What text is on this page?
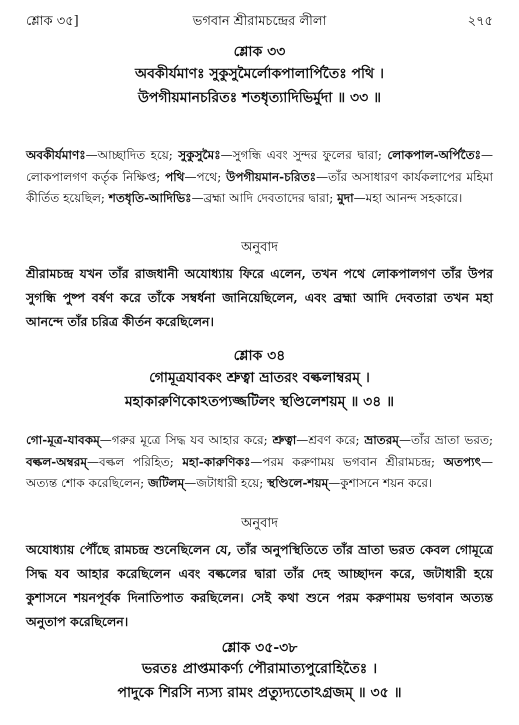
শ্লোক ৩৫]	ভগবান শ্রীরামচন্দ্রের লীলা	২৭৫
শ্লোক ৩৩
অবকীর্যমাণঃ সুকুসুমৈর্লোকপালার্পিতৈঃ পথি ।
উপগীয়মানচরিতঃ শতধৃত্যাদিভির্মুদা ॥ ৩৩ ॥
অবকীর্যমাণঃ—আচ্ছাদিত হয়ে; সুকুসুমৈঃ—সুগন্ধি এবং সুন্দর ফুলের দ্বারা; লোকপাল-অর্পিতৈঃ—লোকপালগণ কর্তৃক নিক্ষিপ্ত; পথি—পথে; উপগীয়মান-চরিতঃ—তাঁর অসাধারণ কার্যকলাপের মহিমা কীর্তিত হয়েছিল; শতধৃতি-আদিভিঃ—ব্রহ্মা আদি দেবতাদের দ্বারা; মুদা—মহা আনন্দ সহকারে।
অনুবাদ
শ্রীরামচন্দ্র যখন তাঁর রাজধানী অযোধ্যায় ফিরে এলেন, তখন পথে লোকপালগণ তাঁর উপর সুগন্ধি পুষ্প বর্ষণ করে তাঁকে সম্বর্ধনা জানিয়েছিলেন, এবং ব্রহ্মা আদি দেবতারা তখন মহা আনন্দে তাঁর চরিত্র কীর্তন করেছিলেন।
শ্লোক ৩৪
গোমূত্রযাবকং শ্রুত্বা ভ্রাতরং বল্কলাম্বরম্ ।
মহাকারুণিকোঽতপ্যজ্জটিলং স্থণ্ডিলেশয়ম্ ॥ ৩৪ ॥
গো-মূত্র-যাবকম্—গরুর মূত্রে সিদ্ধ যব আহার করে; শ্রুত্বা—শ্রবণ করে; ভ্রাতরম্—তাঁর ভ্রাতা ভরত; বল্কল-অম্বরম্—বল্কল পরিহিত; মহা-কারুণিকঃ—পরম করুণাময় ভগবান শ্রীরামচন্দ্র; অতপ্যৎ—অত্যন্ত শোক করেছিলেন; জটিলম্—জটাধারী হয়ে; স্থণ্ডিলে-শয়ম্—কুশাসনে শয়ন করে।
অনুবাদ
অযোধ্যায় পৌঁছে রামচন্দ্র শুনেছিলেন যে, তাঁর অনুপস্থিতিতে তাঁর ভ্রাতা ভরত কেবল গোমূত্রে সিদ্ধ যব আহার করেছিলেন এবং বল্কলের দ্বারা তাঁর দেহ আচ্ছাদন করে, জটাধারী হয়ে কুশাসনে শয়নপূর্বক দিনাতিপাত করছিলেন। সেই কথা শুনে পরম করুণাময় ভগবান অত্যন্ত অনুতাপ করেছিলেন।
শ্লোক ৩৫-৩৮
ভরতঃ প্রাপ্তমাকর্ণ্য পৌরামাত্যপুরোহিতৈঃ ।
পাদুকে শিরসি ন্যস্য রামং প্রত্যুদ্যতোঽগ্রজম্ ॥ ৩৫ ॥
